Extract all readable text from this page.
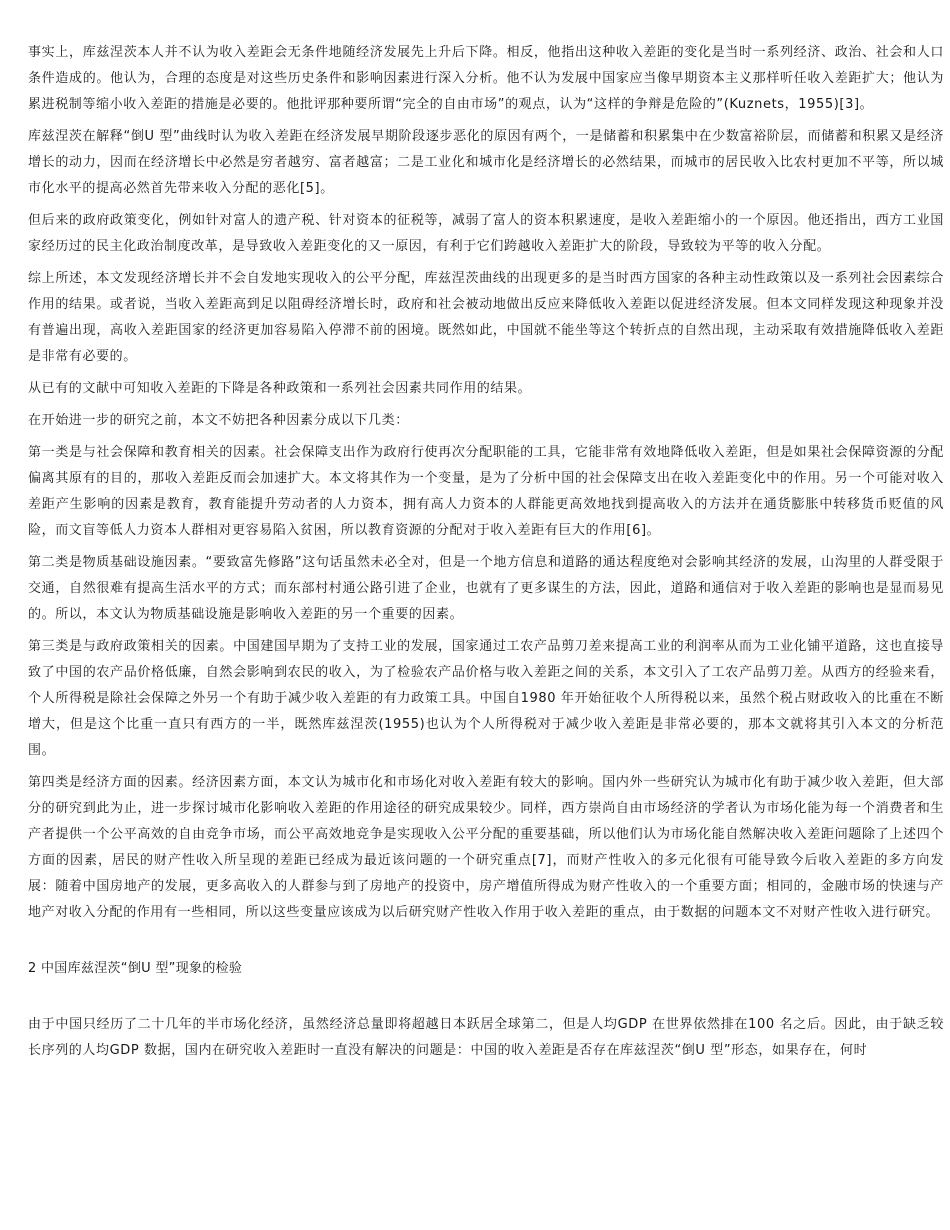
事实上，库兹涅茨本人并不认为收入差距会无条件地随经济发展先上升后下降。相反，他指出这种收入差距的变化是当时一系列经济、政治、社会和人口条件造成的。他认为，合理的态度是对这些历史条件和影响因素进行深入分析。他不认为发展中国家应当像早期资本主义那样听任收入差距扩大；他认为累进税制等缩小收入差距的措施是必要的。他批评那种要所谓“完全的自由市场”的观点，认为“这样的争辩是危险的”(Kuznets，1955)[3]。

库兹涅茨在解释“倒U 型”曲线时认为收入差距在经济发展早期阶段逐步恶化的原因有两个，一是储蓄和积累集中在少数富裕阶层，而储蓄和积累又是经济增长的动力，因而在经济增长中必然是穷者越穷、富者越富；二是工业化和城市化是经济增长的必然结果，而城市的居民收入比农村更加不平等，所以城市化水平的提高必然首先带来收入分配的恶化[5]。

但后来的政府政策变化，例如针对富人的遗产税、针对资本的征税等，减弱了富人的资本积累速度，是收入差距缩小的一个原因。他还指出，西方工业国家经历过的民主化政治制度改革，是导致收入差距变化的又一原因，有利于它们跨越收入差距扩大的阶段，导致较为平等的收入分配。

综上所述，本文发现经济增长并不会自发地实现收入的公平分配，库兹涅茨曲线的出现更多的是当时西方国家的各种主动性政策以及一系列社会因素综合作用的结果。或者说，当收入差距高到足以阻碍经济增长时，政府和社会被动地做出反应来降低收入差距以促进经济发展。但本文同样发现这种现象并没有普遍出现，高收入差距国家的经济更加容易陷入停滞不前的困境。既然如此，中国就不能坐等这个转折点的自然出现，主动采取有效措施降低收入差距是非常有必要的。

从已有的文献中可知收入差距的下降是各种政策和一系列社会因素共同作用的结果。

在开始进一步的研究之前，本文不妨把各种因素分成以下几类：

第一类是与社会保障和教育相关的因素。社会保障支出作为政府行使再次分配职能的工具，它能非常有效地降低收入差距，但是如果社会保障资源的分配偏离其原有的目的，那收入差距反而会加速扩大。本文将其作为一个变量，是为了分析中国的社会保障支出在收入差距变化中的作用。另一个可能对收入差距产生影响的因素是教育，教育能提升劳动者的人力资本，拥有高人力资本的人群能更高效地找到提高收入的方法并在通货膨胀中转移货币贬值的风险，而文盲等低人力资本人群相对更容易陷入贫困，所以教育资源的分配对于收入差距有巨大的作用[6]。

第二类是物质基础设施因素。“要致富先修路”这句话虽然未必全对，但是一个地方信息和道路的通达程度绝对会影响其经济的发展，山沟里的人群受限于交通，自然很难有提高生活水平的方式；而东部村村通公路引进了企业，也就有了更多谋生的方法，因此，道路和通信对于收入差距的影响也是显而易见的。所以，本文认为物质基础设施是影响收入差距的另一个重要的因素。

第三类是与政府政策相关的因素。中国建国早期为了支持工业的发展，国家通过工农产品剪刀差来提高工业的利润率从而为工业化铺平道路，这也直接导致了中国的农产品价格低廉，自然会影响到农民的收入，为了检验农产品价格与收入差距之间的关系，本文引入了工农产品剪刀差。从西方的经验来看，个人所得税是除社会保障之外另一个有助于减少收入差距的有力政策工具。中国自1980 年开始征收个人所得税以来，虽然个税占财政收入的比重在不断增大，但是这个比重一直只有西方的一半，既然库兹涅茨(1955)也认为个人所得税对于减少收入差距是非常必要的，那本文就将其引入本文的分析范围。

第四类是经济方面的因素。经济因素方面，本文认为城市化和市场化对收入差距有较大的影响。国内外一些研究认为城市化有助于减少收入差距，但大部分的研究到此为止，进一步探讨城市化影响收入差距的作用途径的研究成果较少。同样，西方崇尚自由市场经济的学者认为市场化能为每一个消费者和生产者提供一个公平高效的自由竞争市场，而公平高效地竞争是实现收入公平分配的重要基础，所以他们认为市场化能自然解决收入差距问题除了上述四个方面的因素，居民的财产性收入所呈现的差距已经成为最近该问题的一个研究重点[7]，而财产性收入的多元化很有可能导致今后收入差距的多方向发展：随着中国房地产的发展，更多高收入的人群参与到了房地产的投资中，房产增值所得成为财产性收入的一个重要方面；相同的，金融市场的快速与产地产对收入分配的作用有一些相同，所以这些变量应该成为以后研究财产性收入作用于收入差距的重点，由于数据的问题本文不对财产性收入进行研究。

2 中国库兹涅茨“倒U 型”现象的检验

由于中国只经历了二十几年的半市场化经济，虽然经济总量即将超越日本跃居全球第二，但是人均GDP 在世界依然排在100 名之后。因此，由于缺乏较长序列的人均GDP 数据，国内在研究收入差距时一直没有解决的问题是：中国的收入差距是否存在库兹涅茨“倒U 型”形态，如果存在，何时
